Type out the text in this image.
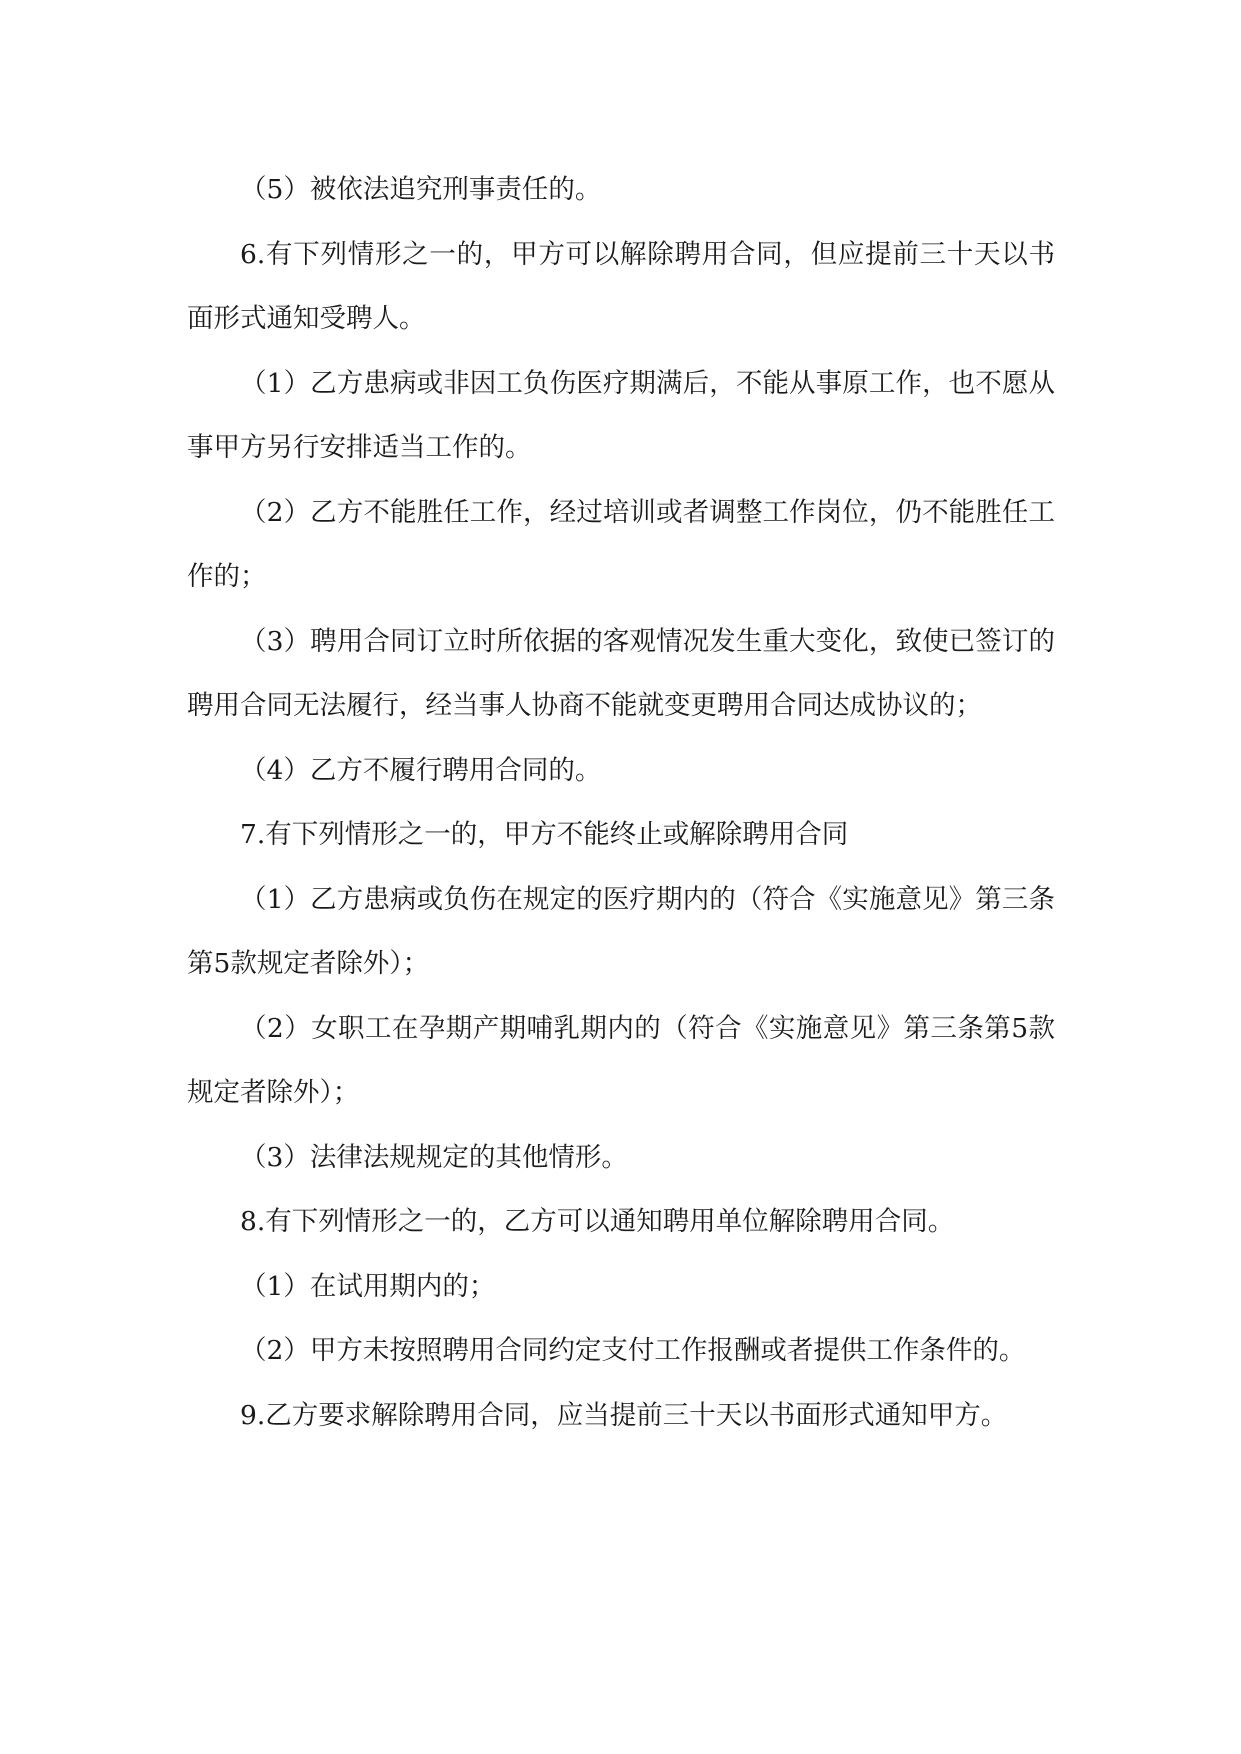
（5）被依法追究刑事责任的。

6.有下列情形之一的，甲方可以解除聘用合同，但应提前三十天以书面形式通知受聘人。

（1）乙方患病或非因工负伤医疗期满后，不能从事原工作，也不愿从事甲方另行安排适当工作的。

（2）乙方不能胜任工作，经过培训或者调整工作岗位，仍不能胜任工作的；

（3）聘用合同订立时所依据的客观情况发生重大变化，致使已签订的聘用合同无法履行，经当事人协商不能就变更聘用合同达成协议的；

（4）乙方不履行聘用合同的。

7.有下列情形之一的，甲方不能终止或解除聘用合同

（1）乙方患病或负伤在规定的医疗期内的（符合《实施意见》第三条第5款规定者除外）；

（2）女职工在孕期产期哺乳期内的（符合《实施意见》第三条第5款规定者除外）；

（3）法律法规规定的其他情形。

8.有下列情形之一的，乙方可以通知聘用单位解除聘用合同。

（1）在试用期内的；

（2）甲方未按照聘用合同约定支付工作报酬或者提供工作条件的。

9.乙方要求解除聘用合同，应当提前三十天以书面形式通知甲方。
